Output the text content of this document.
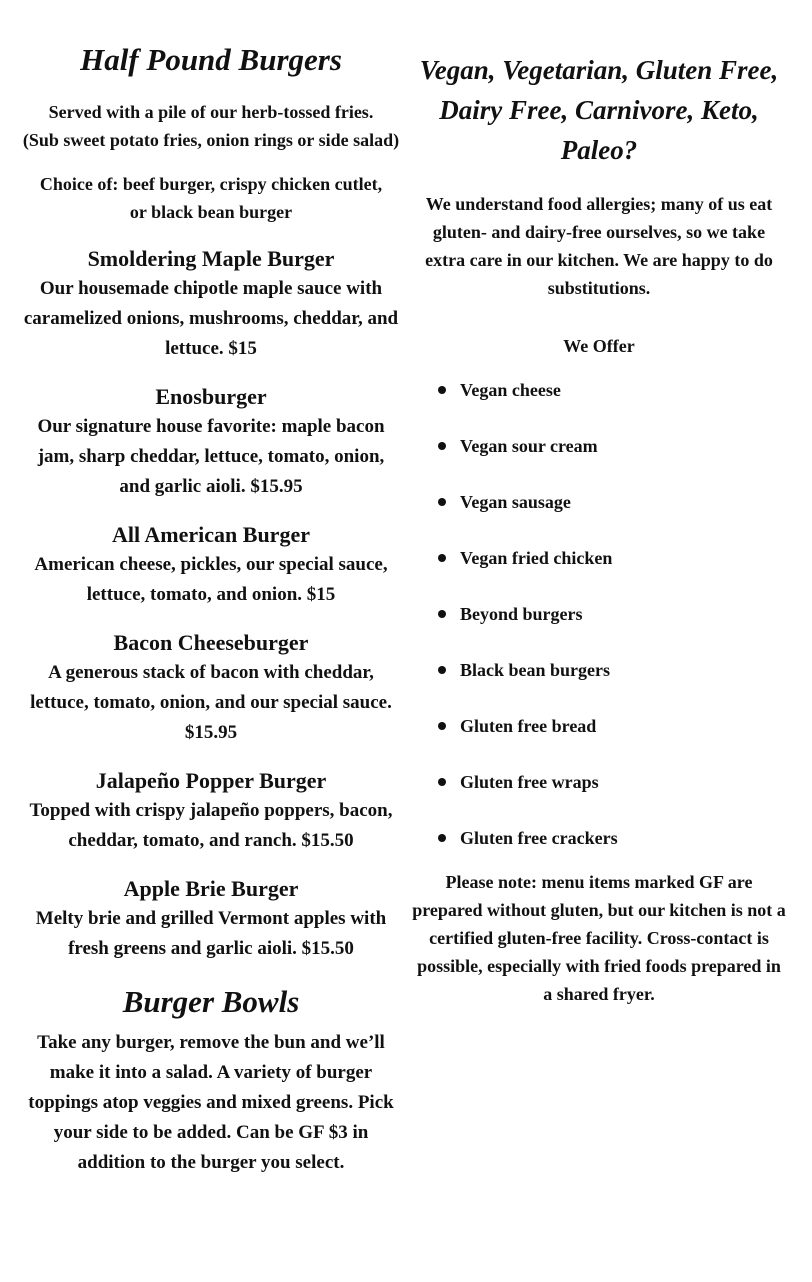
Half Pound Burgers

Served with a pile of our herb-tossed fries.

(Sub sweet potato fries, onion rings or side salad)

Choice of: beef burger, crispy chicken cutlet, or black bean burger

Smoldering Maple Burger
Our housemade chipotle maple sauce with caramelized onions, mushrooms, cheddar, and lettuce. $15
Enosburger
Our signature house favorite: maple bacon jam, sharp cheddar, lettuce, tomato, onion, and garlic aioli. $15.95
All American Burger
American cheese, pickles, our special sauce, lettuce, tomato, and onion. $15
Bacon Cheeseburger
A generous stack of bacon with cheddar, lettuce, tomato, onion, and our special sauce. $15.95
Jalapeño Popper Burger
Topped with crispy jalapeño poppers, bacon, cheddar, tomato, and ranch. $15.50
Apple Brie Burger
Melty brie and grilled Vermont apples with fresh greens and garlic aioli. $15.50
Burger Bowls

Take any burger, remove the bun and we’ll make it into a salad. A variety of burger toppings atop veggies and mixed greens. Pick your side to be added. Can be GF $3 in addition to the burger you select.

Vegan, Vegetarian, Gluten Free, Dairy Free, Carnivore, Keto, Paleo?

We understand food allergies; many of us eat gluten- and dairy-free ourselves, so we take extra care in our kitchen. We are happy to do substitutions.

We Offer

Vegan cheese
Vegan sour cream
Vegan sausage
Vegan fried chicken
Beyond burgers
Black bean burgers
Gluten free bread
Gluten free wraps
Gluten free crackers

Please note: menu items marked GF are prepared without gluten, but our kitchen is not a certified gluten-free facility. Cross-contact is possible, especially with fried foods prepared in a shared fryer.
